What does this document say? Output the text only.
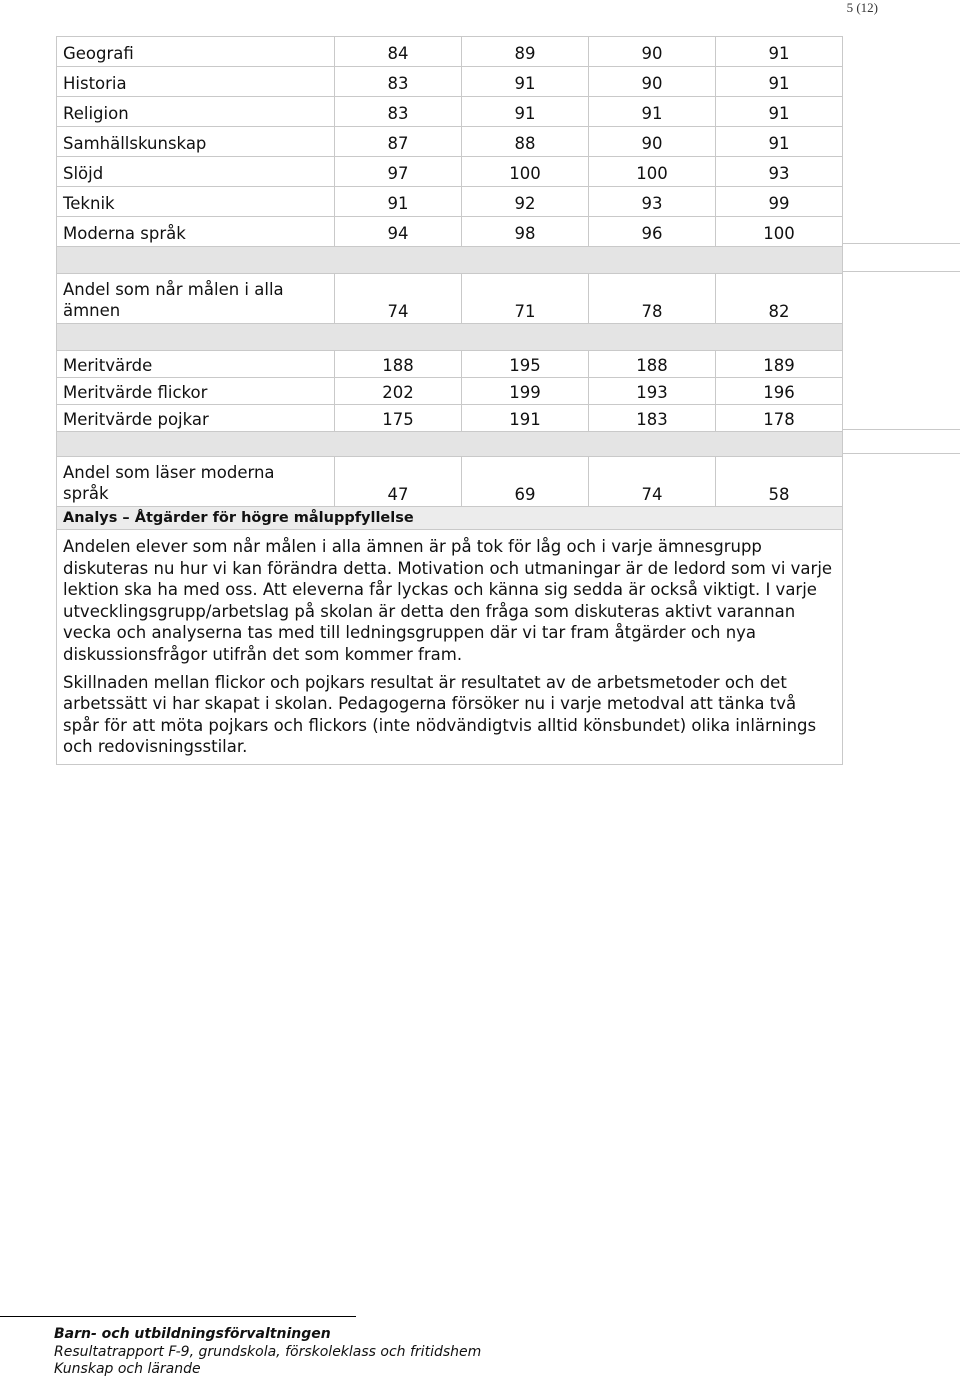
5 (12)
Geografi	84	89	90	91
Historia	83	91	90	91
Religion	83	91	91	91
Samhällskunskap	87	88	90	91
Slöjd	97	100	100	93
Teknik	91	92	93	99
Moderna språk	94	98	96	100

Andel som når målen i alla
ämnen	74	71	78	82

Meritvärde	188	195	188	189
Meritvärde flickor	202	199	193	196
Meritvärde pojkar	175	191	183	178

Andel som läser moderna
språk	47	69	74	58
Analys – Åtgärder för högre måluppfyllelse				

Andelen elever som når målen i alla ämnen är på tok för låg och i varje ämnesgrupp diskuteras nu hur vi kan förändra detta. Motivation och utmaningar är de ledord som vi varje lektion ska ha med oss. Att eleverna får lyckas och känna sig sedda är också viktigt. I varje utvecklingsgrupp/arbetslag på skolan är detta den fråga som diskuteras aktivt varannan vecka och analyserna tas med till ledningsgruppen där vi tar fram åtgärder och nya diskussionsfrågor utifrån det som kommer fram.

Skillnaden mellan flickor och pojkars resultat är resultatet av de arbetsmetoder och det arbetssätt vi har skapat i skolan. Pedagogerna försöker nu i varje metodval att tänka två spår för att möta pojkars och flickors (inte nödvändigtvis alltid könsbundet) olika inlärnings och redovisningsstilar.				

Barn- och utbildningsförvaltningen
Resultatrapport F-9, grundskola, förskoleklass och fritidshem
Kunskap och lärande
